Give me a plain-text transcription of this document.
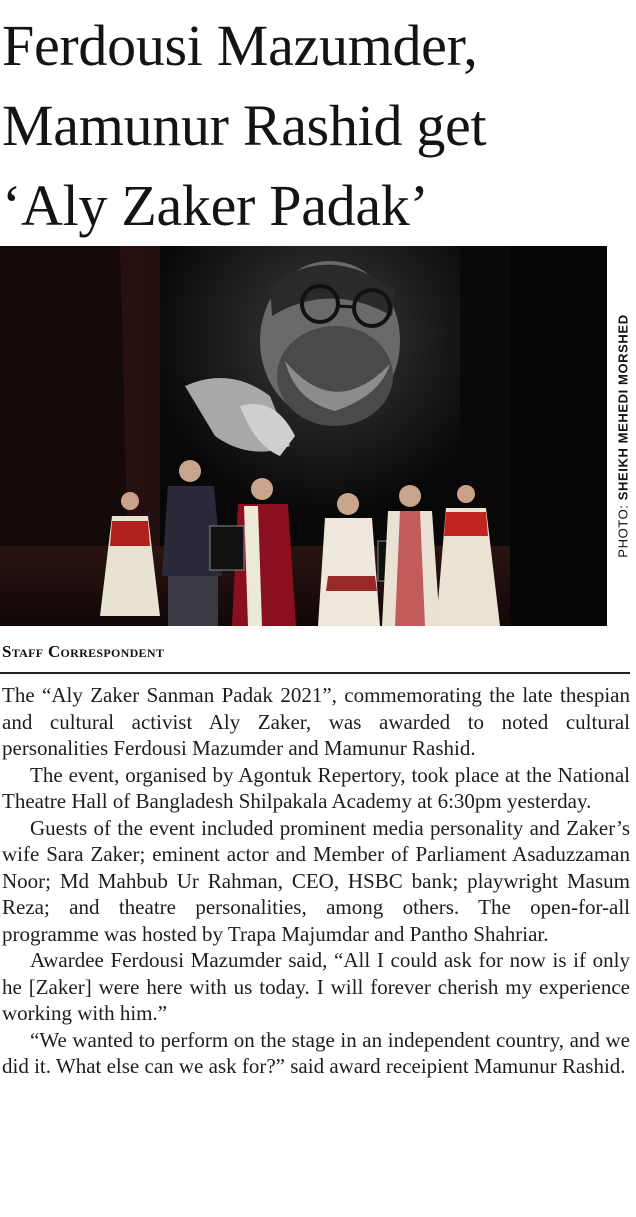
Ferdousi Mazumder,
Mamunur Rashid get
‘Aly Zaker Padak’
PHOTO: SHEIKH MEHEDI MORSHED
Staff Correspondent

The “Aly Zaker Sanman Padak 2021”, commemorating the late thespian and cultural activist Aly Zaker, was awarded to noted cultural personalities Ferdousi Mazumder and Mamunur Rashid.

The event, organised by Agontuk Repertory, took place at the National Theatre Hall of Bangladesh Shilpakala Academy at 6:30pm yesterday.

Guests of the event included prominent media personality and Zaker’s wife Sara Zaker; eminent actor and Member of Parliament Asaduzzaman Noor; Md Mahbub Ur Rahman, CEO, HSBC bank; playwright Masum Reza; and theatre personalities, among others. The open-for-all programme was hosted by Trapa Majumdar and Pantho Shahriar.

Awardee Ferdousi Mazumder said, “All I could ask for now is if only he [Zaker] were here with us today. I will forever cherish my experience working with him.”

“We wanted to perform on the stage in an independent country, and we did it. What else can we ask for?” said award receipient Mamunur Rashid.
